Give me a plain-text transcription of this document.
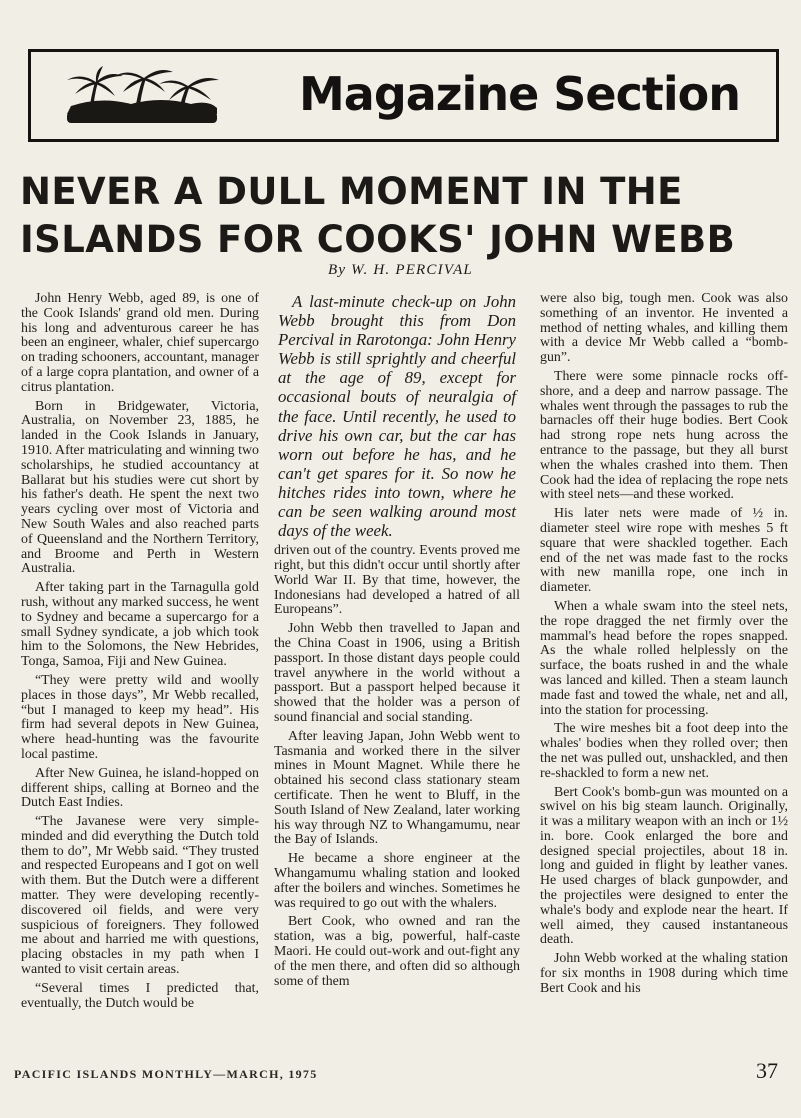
Magazine Section
NEVER A DULL MOMENT IN THE ISLANDS FOR COOKS' JOHN WEBB
By W. H. PERCIVAL

John Henry Webb, aged 89, is one of the Cook Islands' grand old men. During his long and adventurous career he has been an engineer, whaler, chief supercargo on trading schooners, accountant, manager of a large copra plantation, and owner of a citrus plantation.

Born in Bridgewater, Victoria, Australia, on November 23, 1885, he landed in the Cook Islands in January, 1910. After matriculating and winning two scholarships, he studied accountancy at Ballarat but his studies were cut short by his father's death. He spent the next two years cycling over most of Victoria and New South Wales and also reached parts of Queensland and the Northern Territory, and Broome and Perth in Western Australia.

After taking part in the Tarnagulla gold rush, without any marked success, he went to Sydney and became a supercargo for a small Sydney syndicate, a job which took him to the Solomons, the New Hebrides, Tonga, Samoa, Fiji and New Guinea.

“They were pretty wild and woolly places in those days”, Mr Webb recalled, “but I managed to keep my head”. His firm had several depots in New Guinea, where head-hunting was the favourite local pastime.

After New Guinea, he island-hopped on different ships, calling at Borneo and the Dutch East Indies.

“The Javanese were very simple-minded and did everything the Dutch told them to do”, Mr Webb said. “They trusted and respected Europeans and I got on well with them. But the Dutch were a different matter. They were developing recently-discovered oil fields, and were very suspicious of foreigners. They followed me about and harried me with questions, placing obstacles in my path when I wanted to visit certain areas.

“Several times I predicted that, eventually, the Dutch would be

A last-minute check-up on John Webb brought this from Don Percival in Rarotonga: John Henry Webb is still sprightly and cheerful at the age of 89, except for occasional bouts of neuralgia of the face. Until recently, he used to drive his own car, but the car has worn out before he has, and he can't get spares for it. So now he hitches rides into town, where he can be seen walking around most days of the week.

driven out of the country. Events proved me right, but this didn't occur until shortly after World War II. By that time, however, the Indonesians had developed a hatred of all Europeans”.

John Webb then travelled to Japan and the China Coast in 1906, using a British passport. In those distant days people could travel anywhere in the world without a passport. But a passport helped because it showed that the holder was a person of sound financial and social standing.

After leaving Japan, John Webb went to Tasmania and worked there in the silver mines in Mount Magnet. While there he obtained his second class stationary steam certificate. Then he went to Bluff, in the South Island of New Zealand, later working his way through NZ to Whangamumu, near the Bay of Islands.

He became a shore engineer at the Whangamumu whaling station and looked after the boilers and winches. Sometimes he was required to go out with the whalers.

Bert Cook, who owned and ran the station, was a big, powerful, half-caste Maori. He could out-work and out-fight any of the men there, and often did so although some of them

were also big, tough men. Cook was also something of an inventor. He invented a method of netting whales, and killing them with a device Mr Webb called a “bomb-gun”.

There were some pinnacle rocks off-shore, and a deep and narrow passage. The whales went through the passages to rub the barnacles off their huge bodies. Bert Cook had strong rope nets hung across the entrance to the passage, but they all burst when the whales crashed into them. Then Cook had the idea of replacing the rope nets with steel nets—and these worked.

His later nets were made of ½ in. diameter steel wire rope with meshes 5 ft square that were shackled together. Each end of the net was made fast to the rocks with new manilla rope, one inch in diameter.

When a whale swam into the steel nets, the rope dragged the net firmly over the mammal's head before the ropes snapped. As the whale rolled helplessly on the surface, the boats rushed in and the whale was lanced and killed. Then a steam launch made fast and towed the whale, net and all, into the station for processing.

The wire meshes bit a foot deep into the whales' bodies when they rolled over; then the net was pulled out, unshackled, and then re-shackled to form a new net.

Bert Cook's bomb-gun was mounted on a swivel on his big steam launch. Originally, it was a military weapon with an inch or 1½ in. bore. Cook enlarged the bore and designed special projectiles, about 18 in. long and guided in flight by leather vanes. He used charges of black gunpowder, and the projectiles were designed to enter the whale's body and explode near the heart. If well aimed, they caused instantaneous death.

John Webb worked at the whaling station for six months in 1908 during which time Bert Cook and his

PACIFIC ISLANDS MONTHLY—MARCH, 1975	37
